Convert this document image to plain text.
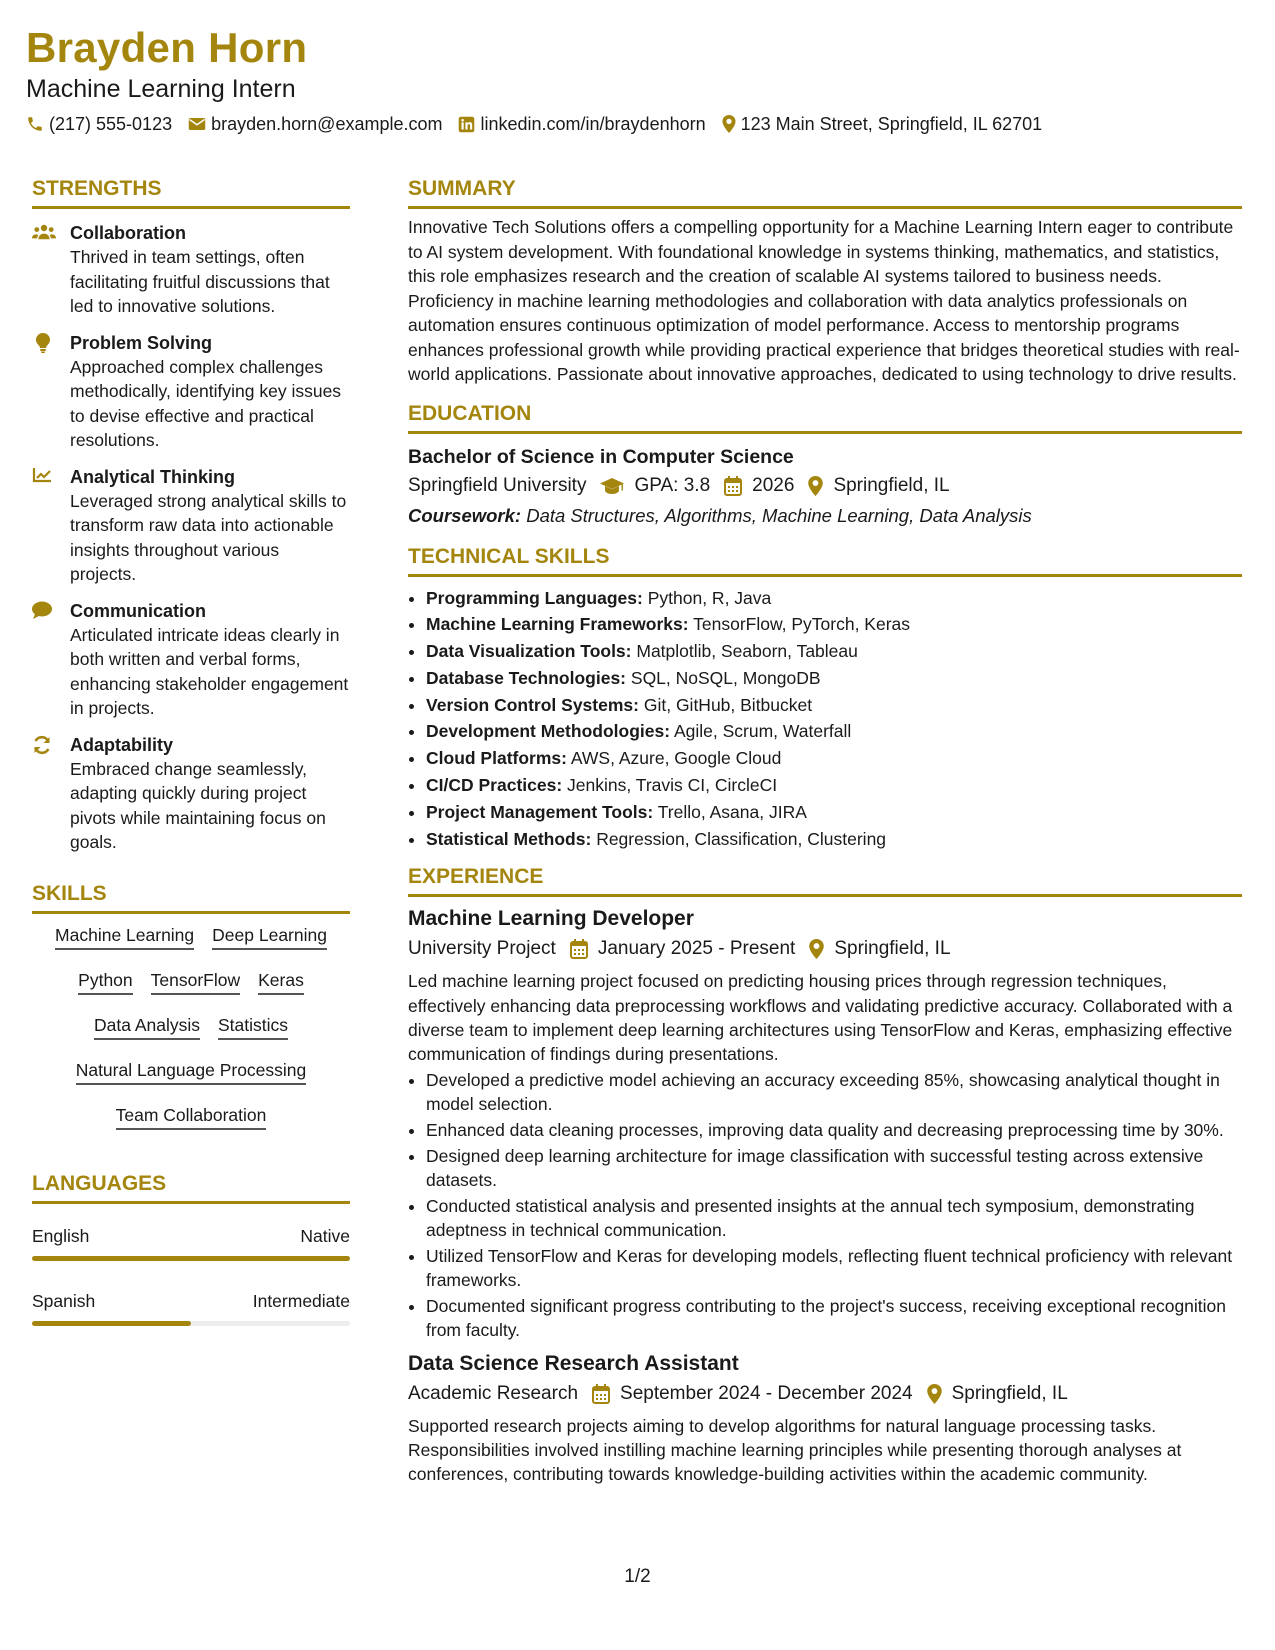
Brayden Horn
Machine Learning Intern
(217) 555-0123 brayden.horn@example.com linkedin.com/in/braydenhorn 123 Main Street, Springfield, IL 62701
STRENGTHS
Collaboration
Thrived in team settings, often facilitating fruitful discussions that led to innovative solutions.
Problem Solving
Approached complex challenges methodically, identifying key issues to devise effective and practical resolutions.
Analytical Thinking
Leveraged strong analytical skills to transform raw data into actionable insights throughout various projects.
Communication
Articulated intricate ideas clearly in both written and verbal forms, enhancing stakeholder engagement in projects.
Adaptability
Embraced change seamlessly, adapting quickly during project pivots while maintaining focus on goals.
SKILLS
Machine Learning Deep Learning
Python TensorFlow Keras
Data Analysis Statistics
Natural Language Processing
Team Collaboration
LANGUAGES
English	Native
Spanish	Intermediate
SUMMARY
Innovative Tech Solutions offers a compelling opportunity for a Machine Learning Intern eager to contribute to AI system development. With foundational knowledge in systems thinking, mathematics, and statistics, this role emphasizes research and the creation of scalable AI systems tailored to business needs. Proficiency in machine learning methodologies and collaboration with data analytics professionals on automation ensures continuous optimization of model performance. Access to mentorship programs enhances professional growth while providing practical experience that bridges theoretical studies with real-world applications. Passionate about innovative approaches, dedicated to using technology to drive results.
EDUCATION
Bachelor of Science in Computer Science
Springfield University	GPA: 3.8 2026 Springfield, IL
Coursework: Data Structures, Algorithms, Machine Learning, Data Analysis
TECHNICAL SKILLS
• Programming Languages: Python, R, Java
• Machine Learning Frameworks: TensorFlow, PyTorch, Keras
• Data Visualization Tools: Matplotlib, Seaborn, Tableau
• Database Technologies: SQL, NoSQL, MongoDB
• Version Control Systems: Git, GitHub, Bitbucket
• Development Methodologies: Agile, Scrum, Waterfall
• Cloud Platforms: AWS, Azure, Google Cloud
• CI/CD Practices: Jenkins, Travis CI, CircleCI
• Project Management Tools: Trello, Asana, JIRA
• Statistical Methods: Regression, Classification, Clustering
EXPERIENCE
Machine Learning Developer
University Project January 2025 - Present Springfield, IL
Led machine learning project focused on predicting housing prices through regression techniques, effectively enhancing data preprocessing workflows and validating predictive accuracy. Collaborated with a diverse team to implement deep learning architectures using TensorFlow and Keras, emphasizing effective communication of findings during presentations.
• Developed a predictive model achieving an accuracy exceeding 85%, showcasing analytical thought in model selection.
• Enhanced data cleaning processes, improving data quality and decreasing preprocessing time by 30%.
• Designed deep learning architecture for image classification with successful testing across extensive datasets.
• Conducted statistical analysis and presented insights at the annual tech symposium, demonstrating adeptness in technical communication.
• Utilized TensorFlow and Keras for developing models, reflecting fluent technical proficiency with relevant frameworks.
• Documented significant progress contributing to the project's success, receiving exceptional recognition from faculty.
Data Science Research Assistant
Academic Research September 2024 - December 2024 Springfield, IL
Supported research projects aiming to develop algorithms for natural language processing tasks. Responsibilities involved instilling machine learning principles while presenting thorough analyses at conferences, contributing towards knowledge-building activities within the academic community.
1/2
